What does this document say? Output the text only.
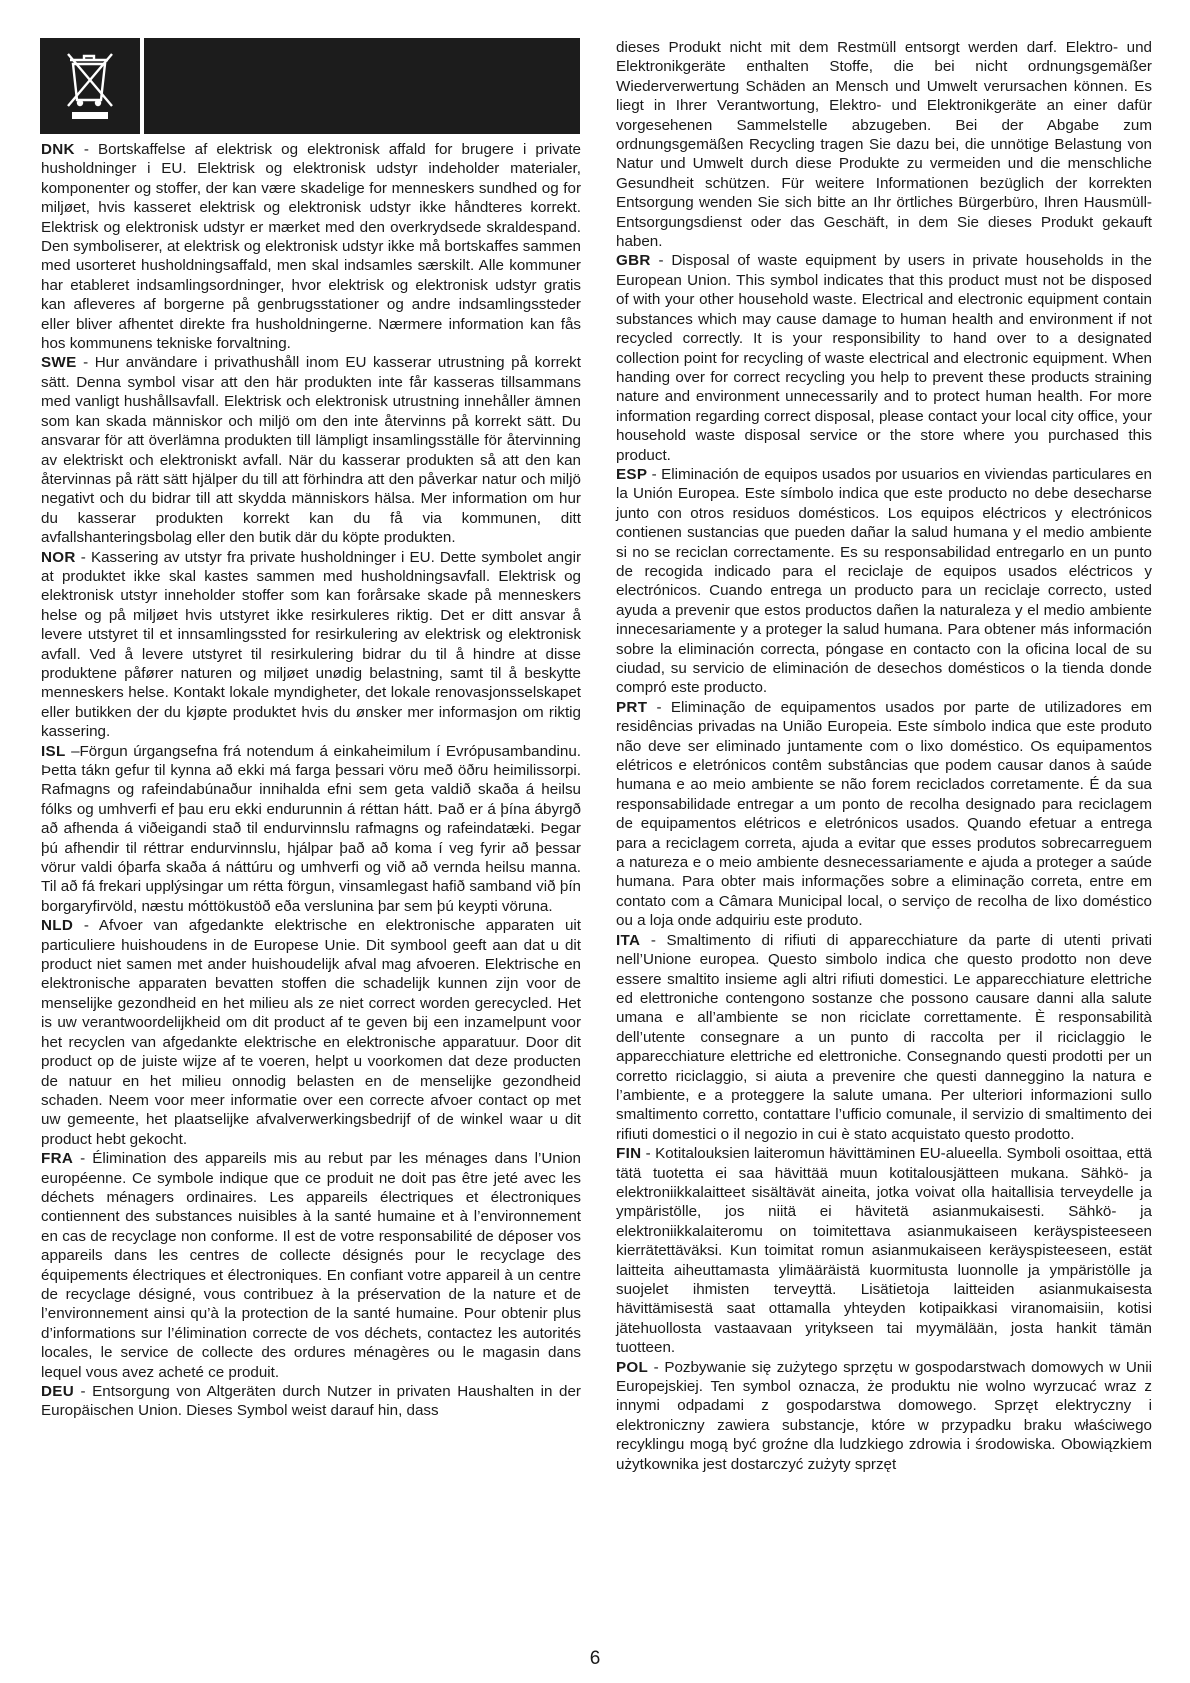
DNK - Bortskaffelse af elektrisk og elektronisk affald for brugere i private husholdninger i EU. Elektrisk og elektronisk udstyr indeholder materialer, komponenter og stoffer, der kan være skadelige for menneskers sundhed og for miljøet, hvis kasseret elektrisk og elektronisk udstyr ikke håndteres korrekt. Elektrisk og elektronisk udstyr er mærket med den overkrydsede skraldespand. Den symboliserer, at elektrisk og elektronisk udstyr ikke må bortskaffes sammen med usorteret husholdningsaffald, men skal indsamles særskilt. Alle kommuner har etableret indsamlingsordninger, hvor elektrisk og elektronisk udstyr gratis kan afleveres af borgerne på genbrugsstationer og andre indsamlingssteder eller bliver afhentet direkte fra husholdningerne. Nærmere information kan fås hos kommunens tekniske forvaltning.

SWE - Hur användare i privathushåll inom EU kasserar utrustning på korrekt sätt. Denna symbol visar att den här produkten inte får kasseras tillsammans med vanligt hushållsavfall. Elektrisk och elektronisk utrustning innehåller ämnen som kan skada människor och miljö om den inte återvinns på korrekt sätt. Du ansvarar för att överlämna produkten till lämpligt insamlingsställe för återvinning av elektriskt och elektroniskt avfall. När du kasserar produkten så att den kan återvinnas på rätt sätt hjälper du till att förhindra att den påverkar natur och miljö negativt och du bidrar till att skydda människors hälsa. Mer information om hur du kasserar produkten korrekt kan du få via kommunen, ditt avfallshanteringsbolag eller den butik där du köpte produkten.

NOR - Kassering av utstyr fra private husholdninger i EU. Dette symbolet angir at produktet ikke skal kastes sammen med husholdningsavfall. Elektrisk og elektronisk utstyr inneholder stoffer som kan forårsake skade på menneskers helse og på miljøet hvis utstyret ikke resirkuleres riktig. Det er ditt ansvar å levere utstyret til et innsamlingssted for resirkulering av elektrisk og elektronisk avfall. Ved å levere utstyret til resirkulering bidrar du til å hindre at disse produktene påfører naturen og miljøet unødig belastning, samt til å beskytte menneskers helse. Kontakt lokale myndigheter, det lokale renovasjonsselskapet eller butikken der du kjøpte produktet hvis du ønsker mer informasjon om riktig kassering.

ISL –Förgun úrgangsefna frá notendum á einkaheimilum í Evrópusambandinu. Þetta tákn gefur til kynna að ekki má farga þessari vöru með öðru heimilissorpi. Rafmagns og rafeindabúnaður innihalda efni sem geta valdið skaða á heilsu fólks og umhverfi ef þau eru ekki endurunnin á réttan hátt. Það er á þína ábyrgð að afhenda á viðeigandi stað til endurvinnslu rafmagns og rafeindatæki. Þegar þú afhendir til réttrar endurvinnslu, hjálpar það að koma í veg fyrir að þessar vörur valdi óþarfa skaða á náttúru og umhverfi og við að vernda heilsu manna. Til að fá frekari upplýsingar um rétta förgun, vinsamlegast hafið samband við þín borgaryfirvöld, næstu móttökustöð eða verslunina þar sem þú keypti vöruna.

NLD - Afvoer van afgedankte elektrische en elektronische apparaten uit particuliere huishoudens in de Europese Unie. Dit symbool geeft aan dat u dit product niet samen met ander huishoudelijk afval mag afvoeren. Elektrische en elektronische apparaten bevatten stoffen die schadelijk kunnen zijn voor de menselijke gezondheid en het milieu als ze niet correct worden gerecycled. Het is uw verantwoordelijkheid om dit product af te geven bij een inzamelpunt voor het recyclen van afgedankte elektrische en elektronische apparatuur. Door dit product op de juiste wijze af te voeren, helpt u voorkomen dat deze producten de natuur en het milieu onnodig belasten en de menselijke gezondheid schaden. Neem voor meer informatie over een correcte afvoer contact op met uw gemeente, het plaatselijke afvalverwerkingsbedrijf of de winkel waar u dit product hebt gekocht.

FRA - Élimination des appareils mis au rebut par les ménages dans l’Union européenne. Ce symbole indique que ce produit ne doit pas être jeté avec les déchets ménagers ordinaires. Les appareils électriques et électroniques contiennent des substances nuisibles à la santé humaine et à l’environnement en cas de recyclage non conforme. Il est de votre responsabilité de déposer vos appareils dans les centres de collecte désignés pour le recyclage des équipements électriques et électroniques. En confiant votre appareil à un centre de recyclage désigné, vous contribuez à la préservation de la nature et de l’environnement ainsi qu’à la protection de la santé humaine. Pour obtenir plus d’informations sur l’élimination correcte de vos déchets, contactez les autorités locales, le service de collecte des ordures ménagères ou le magasin dans lequel vous avez acheté ce produit.

DEU - Entsorgung von Altgeräten durch Nutzer in privaten Haushalten in der Europäischen Union. Dieses Symbol weist darauf hin, dass

dieses Produkt nicht mit dem Restmüll entsorgt werden darf. Elektro- und Elektronikgeräte enthalten Stoffe, die bei nicht ordnungsgemäßer Wiederverwertung Schäden an Mensch und Umwelt verursachen können. Es liegt in Ihrer Verantwortung, Elektro- und Elektronikgeräte an einer dafür vorgesehenen Sammelstelle abzugeben. Bei der Abgabe zum ordnungsgemäßen Recycling tragen Sie dazu bei, die unnötige Belastung von Natur und Umwelt durch diese Produkte zu vermeiden und die menschliche Gesundheit schützen. Für weitere Informationen bezüglich der korrekten Entsorgung wenden Sie sich bitte an Ihr örtliches Bürgerbüro, Ihren Hausmüll-Entsorgungsdienst oder das Geschäft, in dem Sie dieses Produkt gekauft haben.

GBR - Disposal of waste equipment by users in private households in the European Union. This symbol indicates that this product must not be disposed of with your other household waste. Electrical and electronic equipment contain substances which may cause damage to human health and environment if not recycled correctly. It is your responsibility to hand over to a designated collection point for recycling of waste electrical and electronic equipment. When handing over for correct recycling you help to prevent these products straining nature and environment unnecessarily and to protect human health. For more information regarding correct disposal, please contact your local city office, your household waste disposal service or the store where you purchased this product.

ESP - Eliminación de equipos usados por usuarios en viviendas particulares en la Unión Europea. Este símbolo indica que este producto no debe desecharse junto con otros residuos domésticos. Los equipos eléctricos y electrónicos contienen sustancias que pueden dañar la salud humana y el medio ambiente si no se reciclan correctamente. Es su responsabilidad entregarlo en un punto de recogida indicado para el reciclaje de equipos usados eléctricos y electrónicos. Cuando entrega un producto para un reciclaje correcto, usted ayuda a prevenir que estos productos dañen la naturaleza y el medio ambiente innecesariamente y a proteger la salud humana. Para obtener más información sobre la eliminación correcta, póngase en contacto con la oficina local de su ciudad, su servicio de eliminación de desechos domésticos o la tienda donde compró este producto.

PRT - Eliminação de equipamentos usados por parte de utilizadores em residências privadas na União Europeia. Este símbolo indica que este produto não deve ser eliminado juntamente com o lixo doméstico. Os equipamentos elétricos e eletrónicos contêm substâncias que podem causar danos à saúde humana e ao meio ambiente se não forem reciclados corretamente. É da sua responsabilidade entregar a um ponto de recolha designado para reciclagem de equipamentos elétricos e eletrónicos usados. Quando efetuar a entrega para a reciclagem correta, ajuda a evitar que esses produtos sobrecarreguem a natureza e o meio ambiente desnecessariamente e ajuda a proteger a saúde humana. Para obter mais informações sobre a eliminação correta, entre em contato com a Câmara Municipal local, o serviço de recolha de lixo doméstico ou a loja onde adquiriu este produto.

ITA - Smaltimento di rifiuti di apparecchiature da parte di utenti privati nell’Unione europea. Questo simbolo indica che questo prodotto non deve essere smaltito insieme agli altri rifiuti domestici. Le apparecchiature elettriche ed elettroniche contengono sostanze che possono causare danni alla salute umana e all’ambiente se non riciclate correttamente. È responsabilità dell’utente consegnare a un punto di raccolta per il riciclaggio le apparecchiature elettriche ed elettroniche. Consegnando questi prodotti per un corretto riciclaggio, si aiuta a prevenire che questi danneggino la natura e l’ambiente, e a proteggere la salute umana. Per ulteriori informazioni sullo smaltimento corretto, contattare l’ufficio comunale, il servizio di smaltimento dei rifiuti domestici o il negozio in cui è stato acquistato questo prodotto.

FIN - Kotitalouksien laiteromun hävittäminen EU-alueella. Symboli osoittaa, että tätä tuotetta ei saa hävittää muun kotitalousjätteen mukana. Sähkö- ja elektroniikkalaitteet sisältävät aineita, jotka voivat olla haitallisia terveydelle ja ympäristölle, jos niitä ei hävitetä asianmukaisesti. Sähkö- ja elektroniikkalaiteromu on toimitettava asianmukaiseen keräyspisteeseen kierrätettäväksi. Kun toimitat romun asianmukaiseen keräyspisteeseen, estät laitteita aiheuttamasta ylimääräistä kuormitusta luonnolle ja ympäristölle ja suojelet ihmisten terveyttä. Lisätietoja laitteiden asianmukaisesta hävittämisestä saat ottamalla yhteyden kotipaikkasi viranomaisiin, kotisi jätehuollosta vastaavaan yritykseen tai myymälään, josta hankit tämän tuotteen.

POL - Pozbywanie się zużytego sprzętu w gospodarstwach domowych w Unii Europejskiej. Ten symbol oznacza, że produktu nie wolno wyrzucać wraz z innymi odpadami z gospodarstwa domowego. Sprzęt elektryczny i elektroniczny zawiera substancje, które w przypadku braku właściwego recyklingu mogą być groźne dla ludzkiego zdrowia i środowiska. Obowiązkiem użytkownika jest dostarczyć zużyty sprzęt

6
